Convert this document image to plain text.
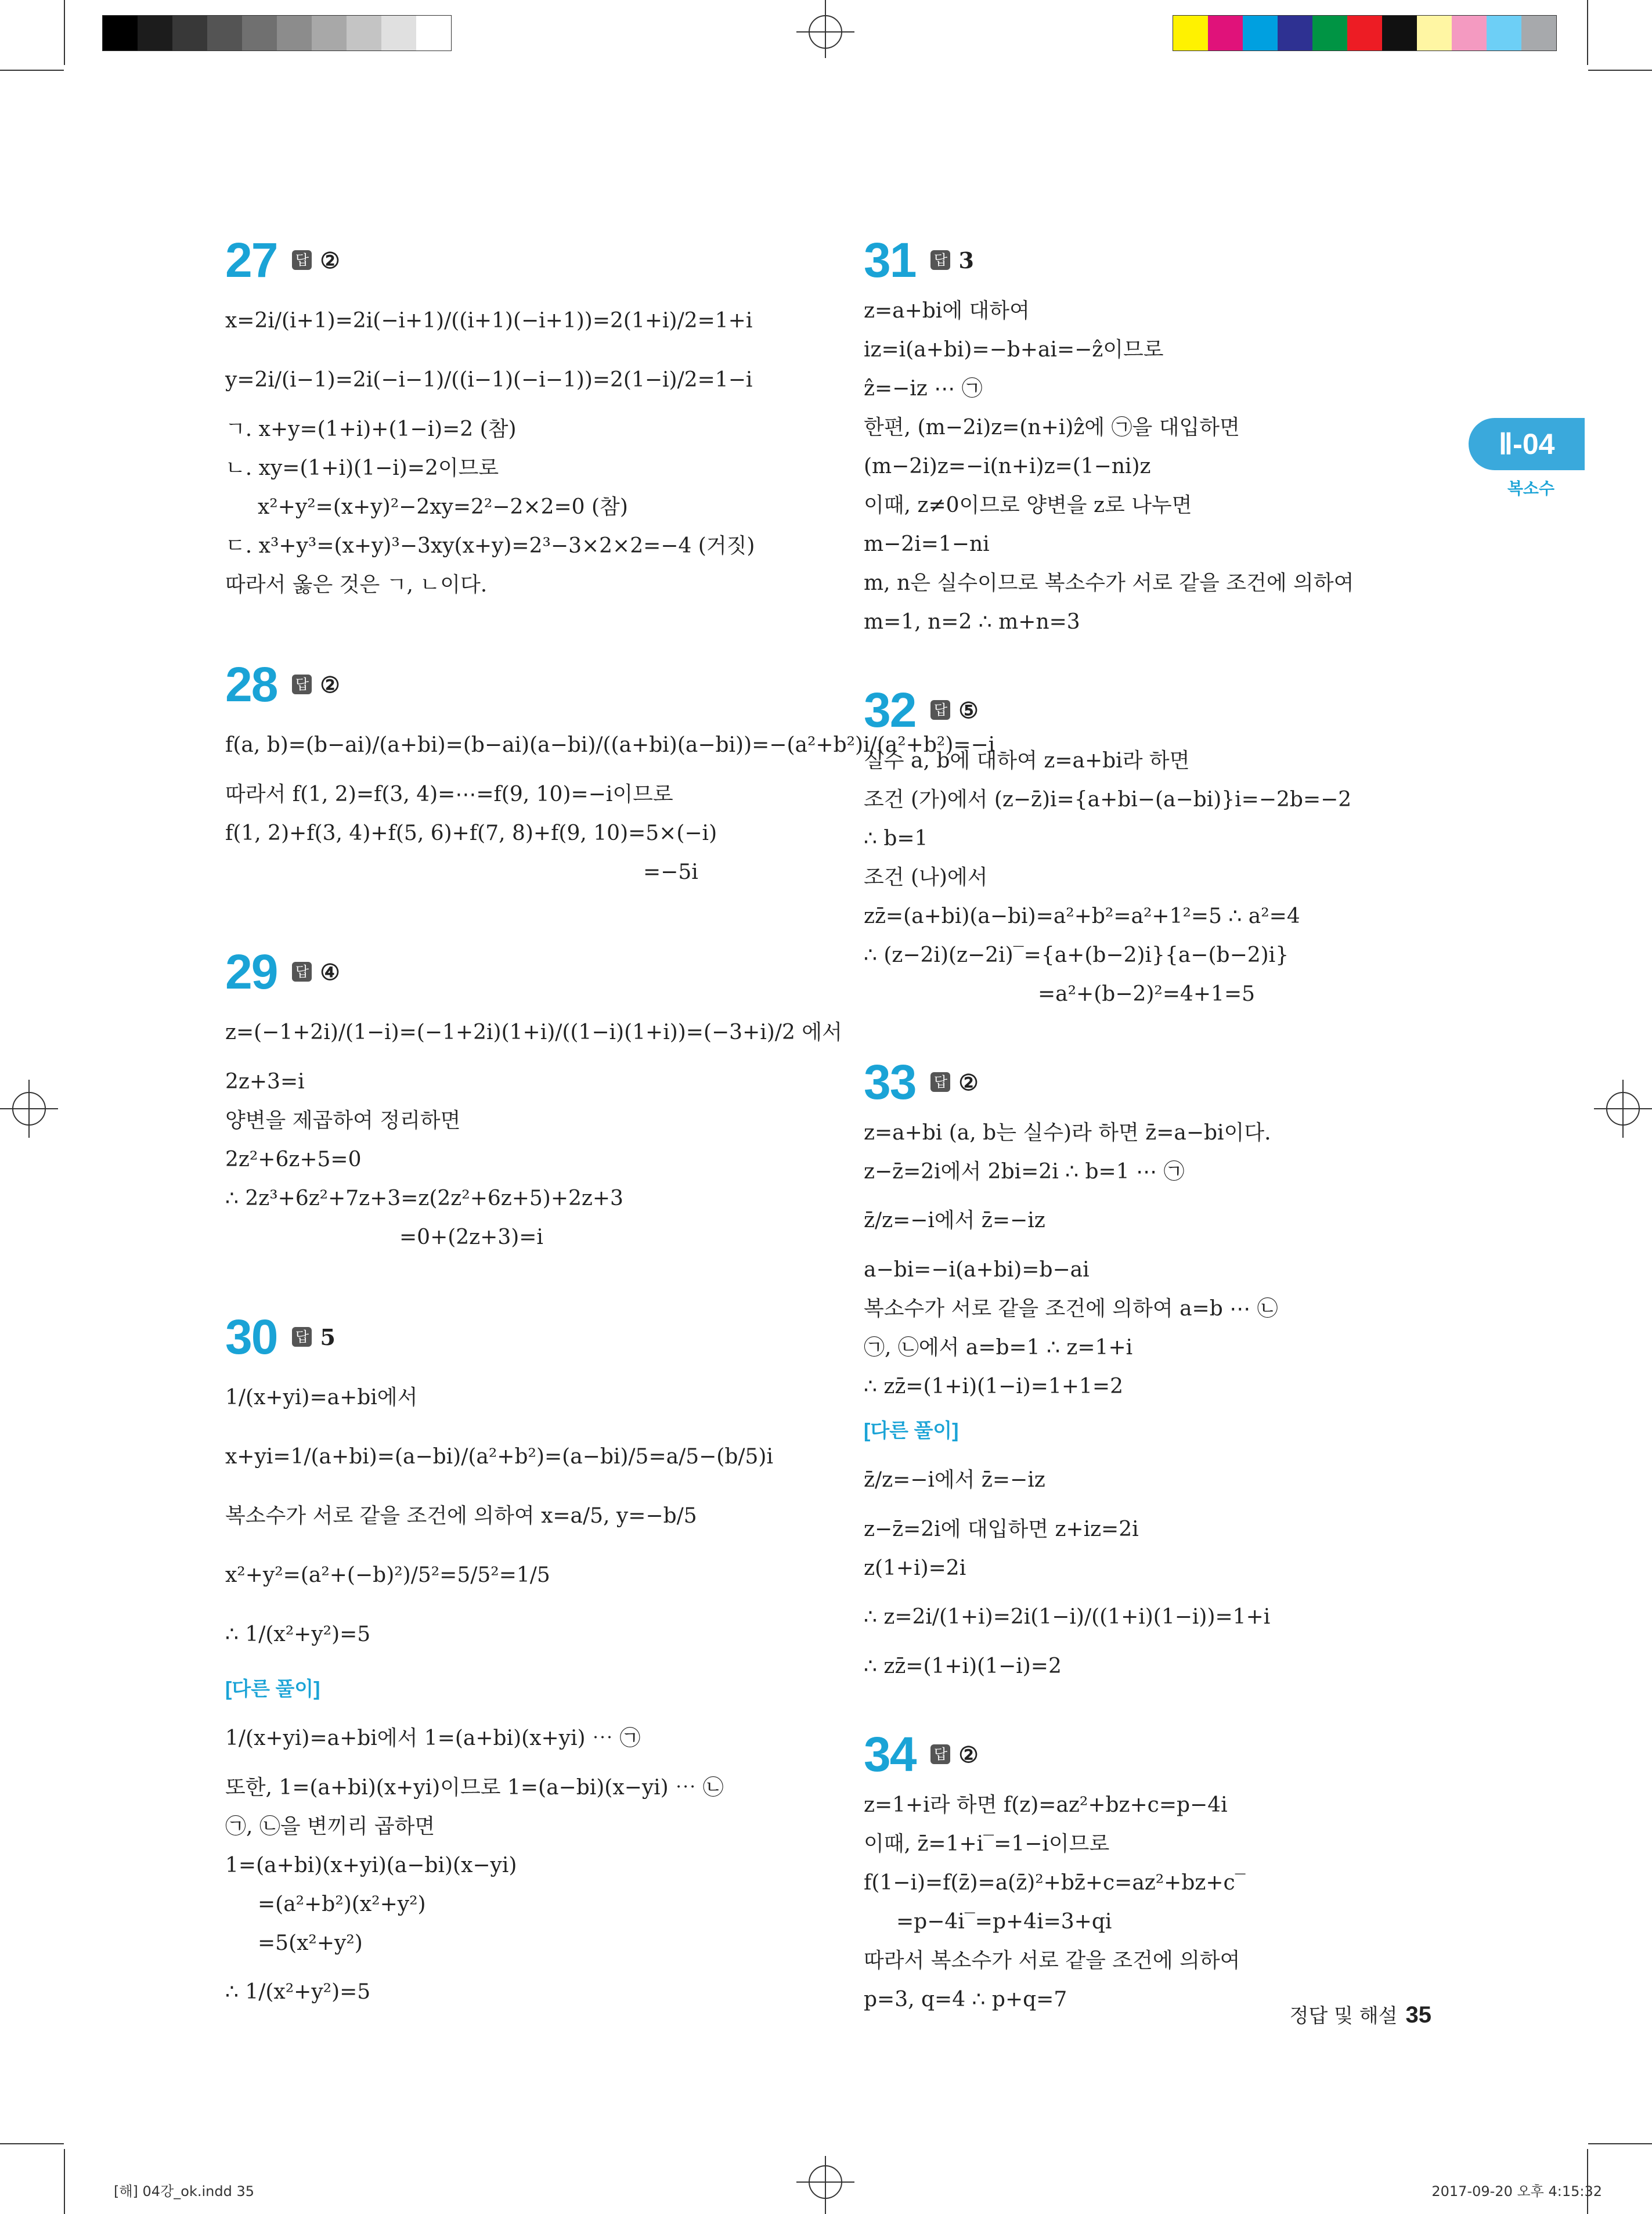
27 답 ②
x=2i/(i+1)=2i(−i+1)/((i+1)(−i+1))=2(1+i)/2=1+i
y=2i/(i−1)=2i(−i−1)/((i−1)(−i−1))=2(1−i)/2=1−i
ㄱ. x+y=(1+i)+(1−i)=2 (참)
ㄴ. xy=(1+i)(1−i)=2이므로
x²+y²=(x+y)²−2xy=2²−2×2=0 (참)
ㄷ. x³+y³=(x+y)³−3xy(x+y)=2³−3×2×2=−4 (거짓)
따라서 옳은 것은 ㄱ, ㄴ이다.
28 답 ②
f(a, b)=(b−ai)/(a+bi)=(b−ai)(a−bi)/((a+bi)(a−bi))=−(a²+b²)i/(a²+b²)=−i
따라서 f(1, 2)=f(3, 4)=⋯=f(9, 10)=−i이므로
f(1, 2)+f(3, 4)+f(5, 6)+f(7, 8)+f(9, 10)=5×(−i)
=−5i
29 답 ④
z=(−1+2i)/(1−i)=(−1+2i)(1+i)/((1−i)(1+i))=(−3+i)/2 에서
2z+3=i
양변을 제곱하여 정리하면
2z²+6z+5=0
∴ 2z³+6z²+7z+3=z(2z²+6z+5)+2z+3
=0+(2z+3)=i
30 답 5
1/(x+yi)=a+bi에서
x+yi=1/(a+bi)=(a−bi)/(a²+b²)=(a−bi)/5=a/5−(b/5)i
복소수가 서로 같을 조건에 의하여 x=a/5, y=−b/5
x²+y²=(a²+(−b)²)/5²=5/5²=1/5
∴ 1/(x²+y²)=5
[다른 풀이]
1/(x+yi)=a+bi에서 1=(a+bi)(x+yi) ⋯ ㉠
또한, 1=(a+bi)(x+yi)이므로 1=(a−bi)(x−yi) ⋯ ㉡
㉠, ㉡을 변끼리 곱하면
1=(a+bi)(x+yi)(a−bi)(x−yi)
=(a²+b²)(x²+y²)
=5(x²+y²)
∴ 1/(x²+y²)=5
31 답 3
z=a+bi에 대하여
iz=i(a+bi)=−b+ai=−ẑ이므로
ẑ=−iz ⋯ ㉠
한편, (m−2i)z=(n+i)ẑ에 ㉠을 대입하면
(m−2i)z=−i(n+i)z=(1−ni)z
이때, z≠0이므로 양변을 z로 나누면
m−2i=1−ni
m, n은 실수이므로 복소수가 서로 같을 조건에 의하여
m=1, n=2 ∴ m+n=3
32 답 ⑤
실수 a, b에 대하여 z=a+bi라 하면
조건 (가)에서 (z−z̄)i={a+bi−(a−bi)}i=−2b=−2
∴ b=1
조건 (나)에서
zz̄=(a+bi)(a−bi)=a²+b²=a²+1²=5 ∴ a²=4
∴ (z−2i)(z−2i)‾={a+(b−2)i}{a−(b−2)i}
=a²+(b−2)²=4+1=5
33 답 ②
z=a+bi (a, b는 실수)라 하면 z̄=a−bi이다.
z−z̄=2i에서 2bi=2i ∴ b=1 ⋯ ㉠
z̄/z=−i에서 z̄=−iz
a−bi=−i(a+bi)=b−ai
복소수가 서로 같을 조건에 의하여 a=b ⋯ ㉡
㉠, ㉡에서 a=b=1 ∴ z=1+i
∴ zz̄=(1+i)(1−i)=1+1=2
[다른 풀이]
z̄/z=−i에서 z̄=−iz
z−z̄=2i에 대입하면 z+iz=2i
z(1+i)=2i
∴ z=2i/(1+i)=2i(1−i)/((1+i)(1−i))=1+i
∴ zz̄=(1+i)(1−i)=2
34 답 ②
z=1+i라 하면 f(z)=az²+bz+c=p−4i
이때, z̄=1+i‾=1−i이므로
f(1−i)=f(z̄)=a(z̄)²+bz̄+c=az²+bz+c‾
=p−4i‾=p+4i=3+qi
따라서 복소수가 서로 같을 조건에 의하여
p=3, q=4 ∴ p+q=7
Ⅱ-04
복소수
정답 및 해설 35
[해] 04강_ok.indd 35	2017-09-20 오후 4:15:32
